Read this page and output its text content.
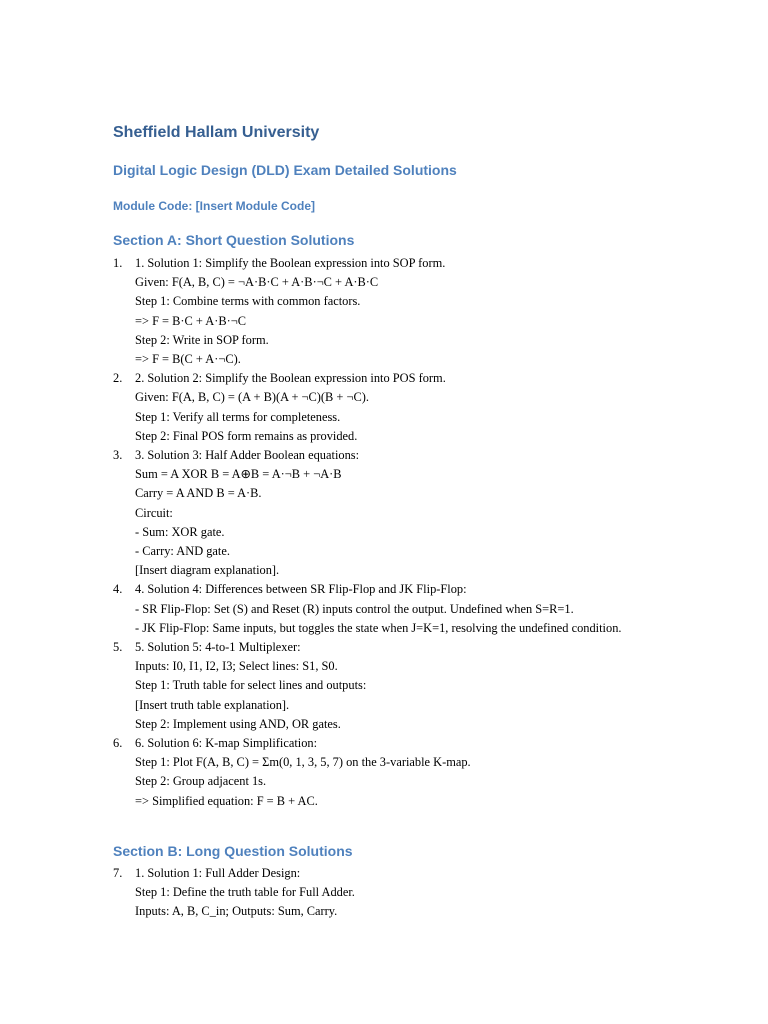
Sheffield Hallam University
Digital Logic Design (DLD) Exam Detailed Solutions
Module Code: [Insert Module Code]
Section A: Short Question Solutions
1. 1. Solution 1: Simplify the Boolean expression into SOP form.
Given: F(A, B, C) = ¬A·B·C + A·B·¬C + A·B·C
Step 1: Combine terms with common factors.
=> F = B·C + A·B·¬C
Step 2: Write in SOP form.
=> F = B(C + A·¬C).
2. 2. Solution 2: Simplify the Boolean expression into POS form.
Given: F(A, B, C) = (A + B)(A + ¬C)(B + ¬C).
Step 1: Verify all terms for completeness.
Step 2: Final POS form remains as provided.
3. 3. Solution 3: Half Adder Boolean equations:
Sum = A XOR B = A⊕B = A·¬B + ¬A·B
Carry = A AND B = A·B.
Circuit:
- Sum: XOR gate.
- Carry: AND gate.
[Insert diagram explanation].
4. 4. Solution 4: Differences between SR Flip-Flop and JK Flip-Flop:
- SR Flip-Flop: Set (S) and Reset (R) inputs control the output. Undefined when S=R=1.
- JK Flip-Flop: Same inputs, but toggles the state when J=K=1, resolving the undefined condition.
5. 5. Solution 5: 4-to-1 Multiplexer:
Inputs: I0, I1, I2, I3; Select lines: S1, S0.
Step 1: Truth table for select lines and outputs:
[Insert truth table explanation].
Step 2: Implement using AND, OR gates.
6. 6. Solution 6: K-map Simplification:
Step 1: Plot F(A, B, C) = Σm(0, 1, 3, 5, 7) on the 3-variable K-map.
Step 2: Group adjacent 1s.
=> Simplified equation: F = B + AC.
Section B: Long Question Solutions
7. 1. Solution 1: Full Adder Design:
Step 1: Define the truth table for Full Adder.
Inputs: A, B, C_in; Outputs: Sum, Carry.
